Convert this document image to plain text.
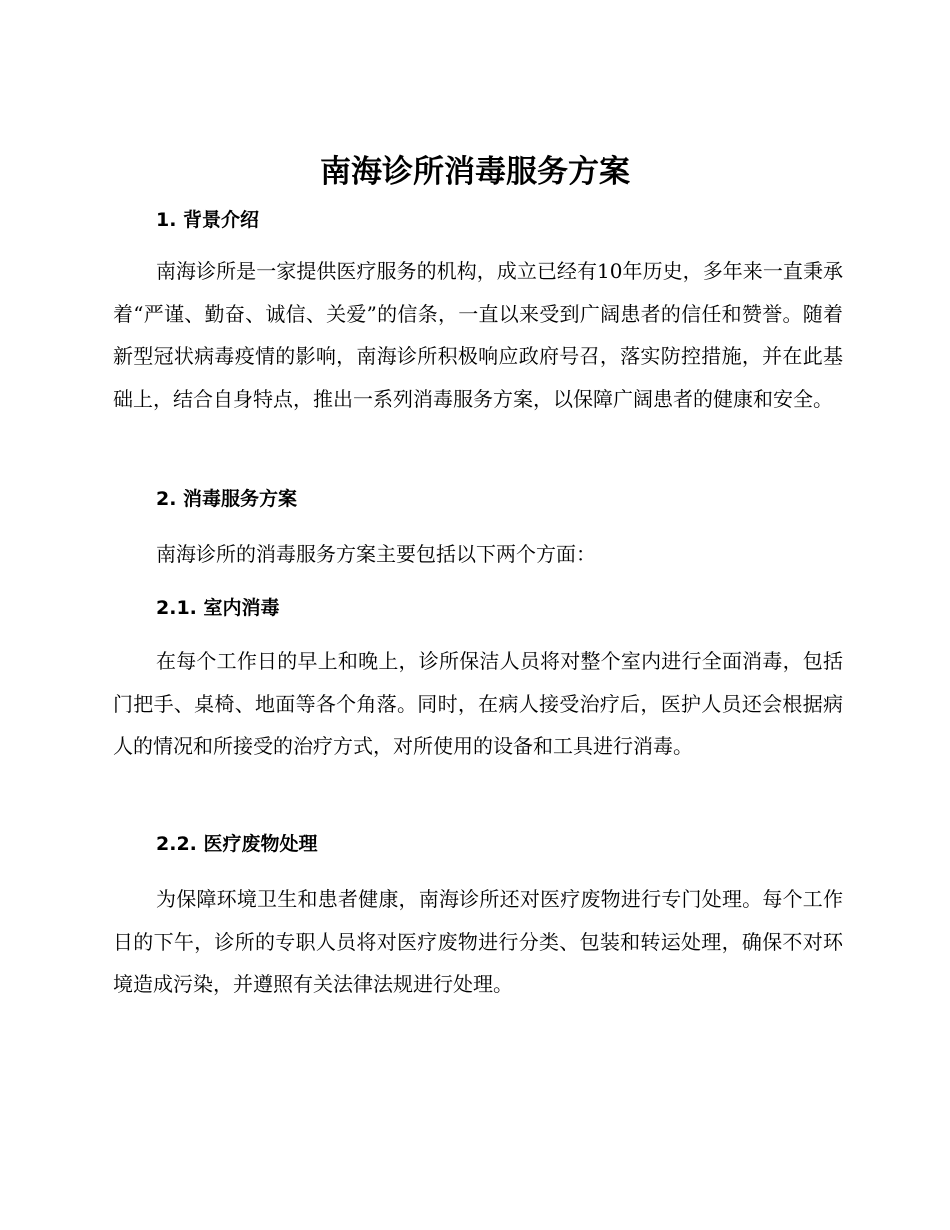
南海诊所消毒服务方案
1. 背景介绍

南海诊所是一家提供医疗服务的机构，成立已经有10年历史，多年来一直秉承着“严谨、勤奋、诚信、关爱”的信条，一直以来受到广阔患者的信任和赞誉。随着新型冠状病毒疫情的影响，南海诊所积极响应政府号召，落实防控措施，并在此基础上，结合自身特点，推出一系列消毒服务方案，以保障广阔患者的健康和安全。

2. 消毒服务方案

南海诊所的消毒服务方案主要包括以下两个方面：

2.1. 室内消毒

在每个工作日的早上和晚上，诊所保洁人员将对整个室内进行全面消毒，包括门把手、桌椅、地面等各个角落。同时，在病人接受治疗后，医护人员还会根据病人的情况和所接受的治疗方式，对所使用的设备和工具进行消毒。

2.2. 医疗废物处理

为保障环境卫生和患者健康，南海诊所还对医疗废物进行专门处理。每个工作日的下午，诊所的专职人员将对医疗废物进行分类、包装和转运处理，确保不对环境造成污染，并遵照有关法律法规进行处理。
